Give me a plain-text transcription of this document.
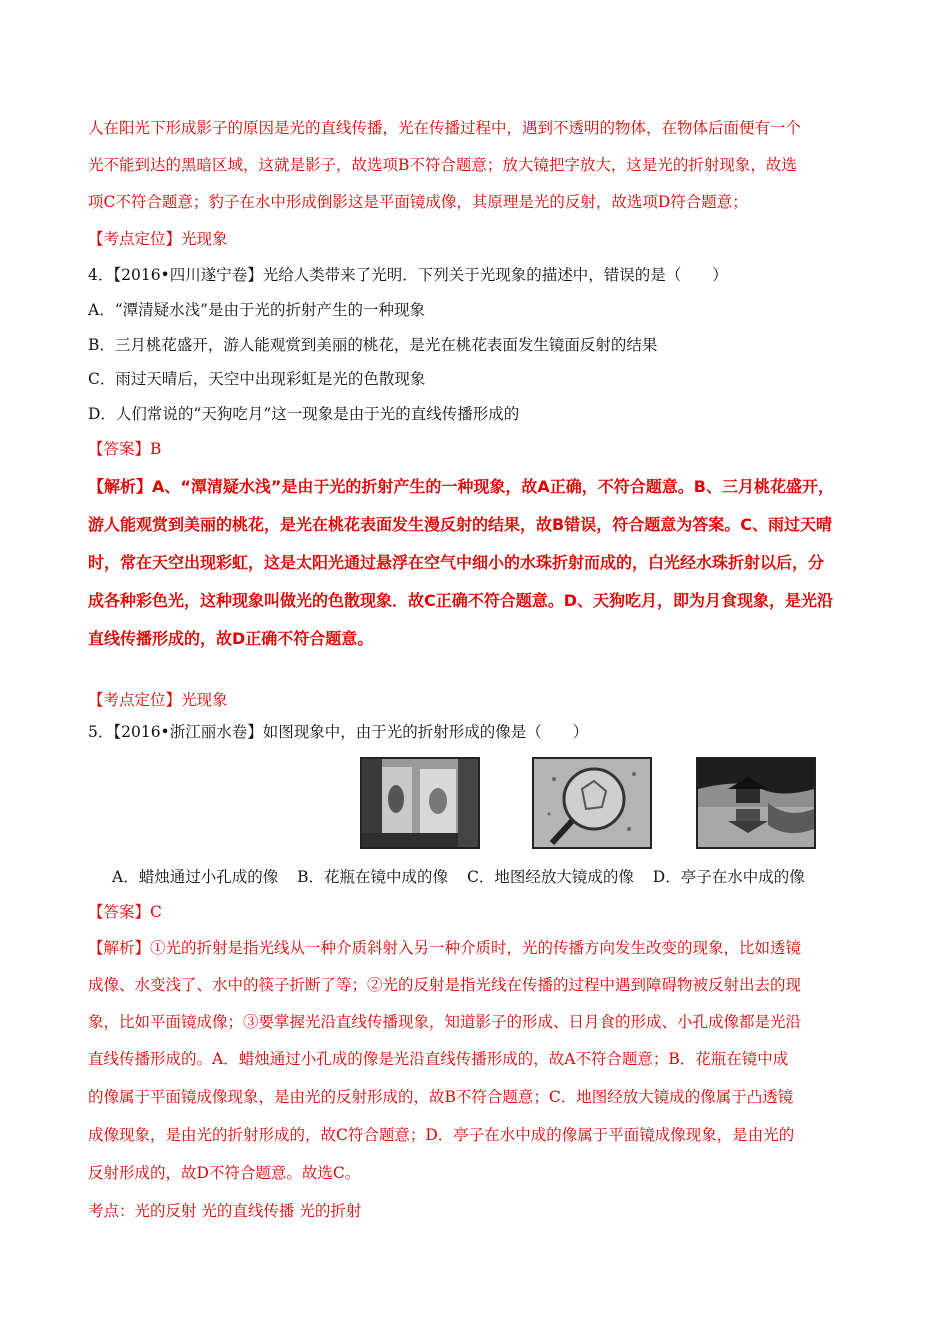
人在阳光下形成影子的原因是光的直线传播，光在传播过程中，遇到不透明的物体，在物体后面便有一个
光不能到达的黑暗区域，这就是影子，故选项B不符合题意；放大镜把字放大，这是光的折射现象，故选
项C不符合题意；豹子在水中形成倒影这是平面镜成像，其原理是光的反射，故选项D符合题意；
【考点定位】光现象
4．【2016•四川遂宁卷】光给人类带来了光明．下列关于光现象的描述中，错误的是（　　）
A．“潭清疑水浅”是由于光的折射产生的一种现象
B．三月桃花盛开，游人能观赏到美丽的桃花，是光在桃花表面发生镜面反射的结果
C．雨过天晴后，天空中出现彩虹是光的色散现象
D．人们常说的“天狗吃月”这一现象是由于光的直线传播形成的
【答案】B
【解析】A、“潭清疑水浅”是由于光的折射产生的一种现象，故A正确，不符合题意。B、三月桃花盛开，
游人能观赏到美丽的桃花，是光在桃花表面发生漫反射的结果，故B错误，符合题意为答案。C、雨过天晴
时，常在天空出现彩虹，这是太阳光通过悬浮在空气中细小的水珠折射而成的，白光经水珠折射以后，分
成各种彩色光，这种现象叫做光的色散现象．故C正确不符合题意。D、天狗吃月，即为月食现象，是光沿
直线传播形成的，故D正确不符合题意。
【考点定位】光现象
5．【2016•浙江丽水卷】如图现象中，由于光的折射形成的像是（　　）
A．蜡烛通过小孔成的像 B．花瓶在镜中成的像 C．地图经放大镜成的像 D．亭子在水中成的像
【答案】C
【解析】①光的折射是指光线从一种介质斜射入另一种介质时，光的传播方向发生改变的现象，比如透镜
成像、水变浅了、水中的筷子折断了等；②光的反射是指光线在传播的过程中遇到障碍物被反射出去的现
象，比如平面镜成像；③要掌握光沿直线传播现象，知道影子的形成、日月食的形成、小孔成像都是光沿
直线传播形成的。A．蜡烛通过小孔成的像是光沿直线传播形成的，故A不符合题意；B．花瓶在镜中成
的像属于平面镜成像现象，是由光的反射形成的，故B不符合题意；C．地图经放大镜成的像属于凸透镜
成像现象，是由光的折射形成的，故C符合题意；D．亭子在水中成的像属于平面镜成像现象，是由光的
反射形成的，故D不符合题意。故选C。
考点：光的反射 光的直线传播 光的折射
